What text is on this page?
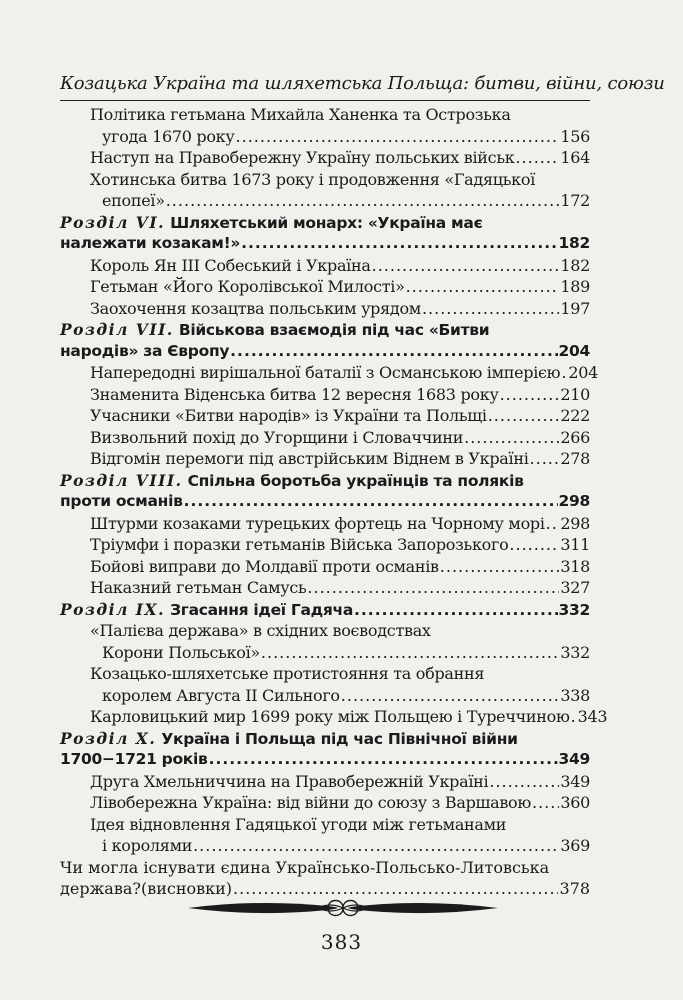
Козацька Україна та шляхетська Польща: битви, війни, союзи
Політика гетьмана Михайла Ханенка та Острозька
угода 1670 року .....	156
Наступ на Правобережну Україну польських військ .....	164
Хотинська битва 1673 року і продовження «Гадяцької
епопеї» .....	172
Розділ VI.
Шляхетський монарх: «Україна має
належати козакам!» .....	182
Король Ян III Собеський і Україна .....	182
Гетьман «Його Королівської Милості» .....	189
Заохочення козацтва польським урядом .....	197
Розділ VII.
Військова взаємодія під час «Битви
народів» за Європу .....	204
Напередодні вирішальної баталії з Османською імперією ..... 204
Знаменита Віденська битва 12 вересня 1683 року .....	210
Учасники «Битви народів» із України та Польщі .....	222
Визвольний похід до Угорщини і Словаччини .....	266
Відгомін перемоги під австрійським Віднем в Україні ..... 278
Розділ VIII.
Спільна боротьба українців та поляків
проти османів .....	298
Штурми козаками турецьких фортець на Чорному морі ..... 298
Тріумфи і поразки гетьманів Війська Запорозького .....	311
Бойові виправи до Молдавії проти османів .....	318
Наказний гетьман Самусь .....	327
Розділ IX.
Згасання ідеї Гадяча .....	332
«Палієва держава» в східних воєводствах
Корони Польської» .....	332
Козацько-шляхетське протистояння та обрання
королем Августа II Сильного .....	338
Карловицький мир 1699 року між Польщею і Туреччиною ..... 343
Розділ X.
Україна і Польща під час Північної війни
1700−1721 років .....	349
Друга Хмельниччина на Правобережній Україні .....	349
Лівобережна Україна: від війни до союзу з Варшавою ..... 360
Ідея відновлення Гадяцької угоди між гетьманами
і королями .....	369
Чи могла існувати єдина Українсько-Польсько-Литовська
держава? (висновки) .....	378
383
